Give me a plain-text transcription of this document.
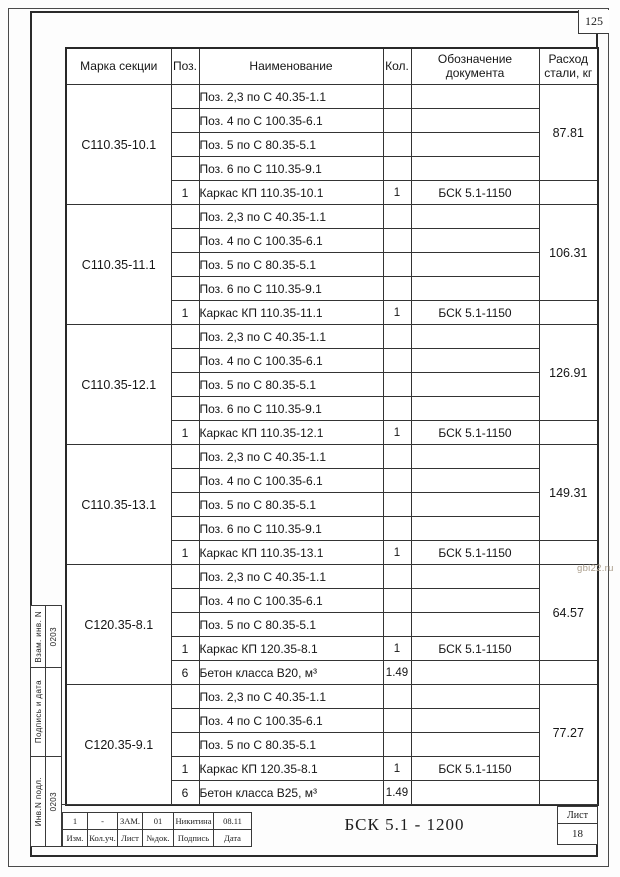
125
Марка секции	Поз.	Наименование	Кол.	Обозначение документа	Расход стали, кг
С110.35-10.1		Поз. 2,3 по С 40.35-1.1			87.81
		Поз. 4 по С 100.35-6.1			
		Поз. 5 по С 80.35-5.1			
		Поз. 6 по С 110.35-9.1			
	1	Каркас КП 110.35-10.1	1	БСК 5.1-1150	
С110.35-11.1		Поз. 2,3 по С 40.35-1.1			106.31
		Поз. 4 по С 100.35-6.1			
		Поз. 5 по С 80.35-5.1			
		Поз. 6 по С 110.35-9.1			
	1	Каркас КП 110.35-11.1	1	БСК 5.1-1150	
С110.35-12.1		Поз. 2,3 по С 40.35-1.1			126.91
		Поз. 4 по С 100.35-6.1			
		Поз. 5 по С 80.35-5.1			
		Поз. 6 по С 110.35-9.1			
	1	Каркас КП 110.35-12.1	1	БСК 5.1-1150	
С110.35-13.1		Поз. 2,3 по С 40.35-1.1			149.31
		Поз. 4 по С 100.35-6.1			
		Поз. 5 по С 80.35-5.1			
		Поз. 6 по С 110.35-9.1			
	1	Каркас КП 110.35-13.1	1	БСК 5.1-1150	
С120.35-8.1		Поз. 2,3 по С 40.35-1.1			64.57
		Поз. 4 по С 100.35-6.1			
		Поз. 5 по С 80.35-5.1			
	1	Каркас КП 120.35-8.1	1	БСК 5.1-1150	
	6	Бетон класса В20, м³	1.49		
С120.35-9.1		Поз. 2,3 по С 40.35-1.1			77.27
		Поз. 4 по С 100.35-6.1			
		Поз. 5 по С 80.35-5.1			
	1	Каркас КП 120.35-8.1	1	БСК 5.1-1150	
	6	Бетон класса В25, м³	1.49		
gbi22.ru
Взам. инв. N 0203
Подпись и дата
Инв.N подл. 0203
1	-	ЗАМ.	01	Никитина	08.11
Изм. Кол.уч. Лист №док. Подпись	Дата
БСК 5.1 - 1200	Лист
18
